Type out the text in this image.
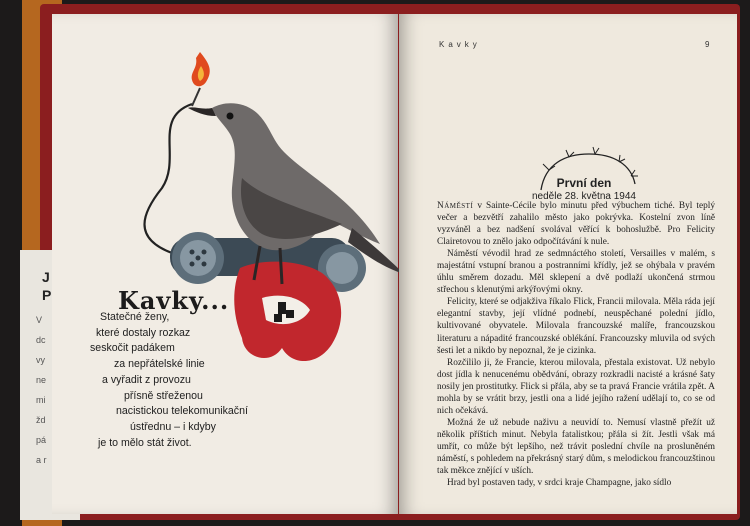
J
P
V
dc
vy
ne
mi
žd
pá
a r
Kavky...
Statečné ženy,
které dostaly rozkaz
seskočit padákem
za nepřátelské linie
a vyřadit z provozu
přísně střeženou
nacistickou telekomunikační
ústřednu – i kdyby
je to mělo stát život.
Kavky	9
První den
neděle 28. května 1944

Náměstí v Sainte-Cécile bylo minutu před výbuchem tiché. Byl teplý večer a bezvětří zahalilo město jako pokrývka. Kostelní zvon líně vyzváněl a bez nadšení svolával věřící k bohoslužbě. Pro Felicity Clairetovou to znělo jako odpočítávání k nule.

Náměstí vévodil hrad ze sedmnáctého století, Versailles v malém, s majestátní vstupní branou a postranními křídly, jež se ohýbala v pravém úhlu směrem dozadu. Měl sklepení a dvě podlaží ukončená strmou střechou s klenutými arkýřovými okny.

Felicity, které se odjakživa říkalo Flick, Francii milovala. Měla ráda její elegantní stavby, její vlídné podnebí, neuspěchané polední jídlo, kultivované obyvatele. Milovala francouzské malíře, francouzskou literaturu a nápadité francouzské oblékání. Francouzsky mluvila od svých šesti let a nikdo by nepoznal, že je cizinka.

Rozčililo ji, že Francie, kterou milovala, přestala existovat. Už nebylo dost jídla k nenucenému obědvání, obrazy rozkradli nacisté a krásné šaty nosily jen prostitutky. Flick si přála, aby se ta pravá Francie vrátila zpět. A mohla by se vrátit brzy, jestli ona a lidé jejího ražení udělají to, co se od nich očekává.

Možná že už nebude naživu a neuvidí to. Nemusí vlastně přežít už několik příštích minut. Nebyla fatalistkou; přála si žít. Jestli však má umřít, co může být lepšího, než trávit poslední chvíle na prosluněném náměstí, s pohledem na překrásný starý dům, s melodickou francouzštinou tak měkce znějící v uších.

Hrad byl postaven tady, v srdci kraje Champagne, jako sídlo
